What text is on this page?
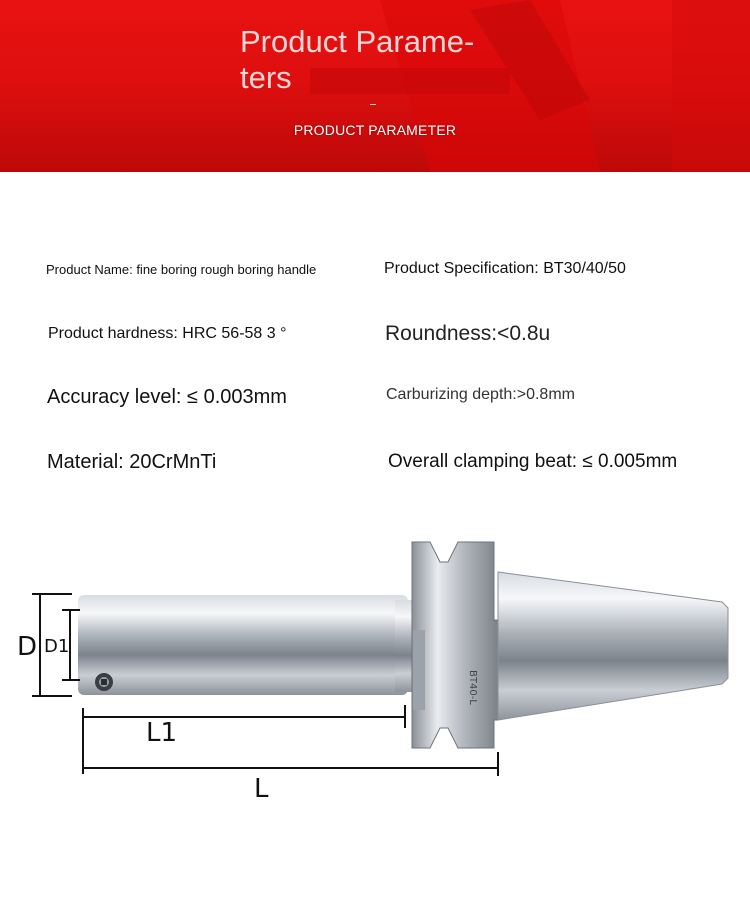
Product Parame-
ters
PRODUCT PARAMETER
Product Name: fine boring rough boring handle	Product Specification: BT30/40/50
Product hardness: HRC 56-58 3 °	Roundness:<0.8u
Accuracy level: ≤ 0.003mm	Carburizing depth:>0.8mm
Material: 20CrMnTi	Overall clamping beat: ≤ 0.005mm
BT40-L
D D1
L1
L
